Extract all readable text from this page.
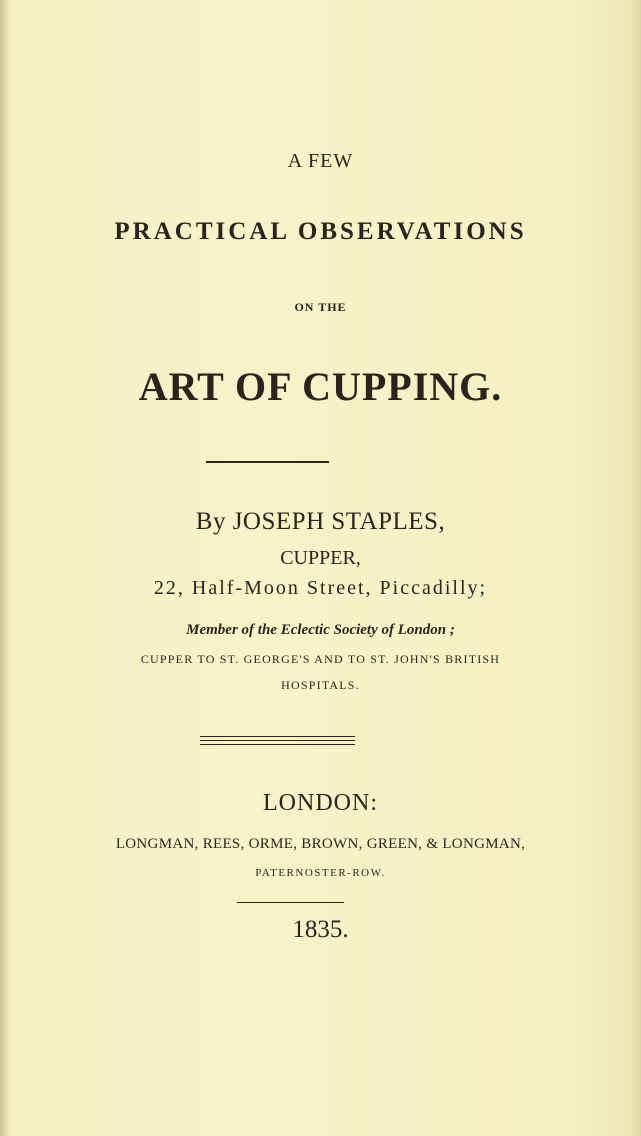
A FEW
PRACTICAL OBSERVATIONS
ON THE
ART OF CUPPING.
By JOSEPH STAPLES,
CUPPER,
22, Half-Moon Street, Piccadilly;
Member of the Eclectic Society of London ;
CUPPER TO ST. GEORGE'S AND TO ST. JOHN'S BRITISH
HOSPITALS.
LONDON:
LONGMAN, REES, ORME, BROWN, GREEN, & LONGMAN,
PATERNOSTER-ROW.
1835.
